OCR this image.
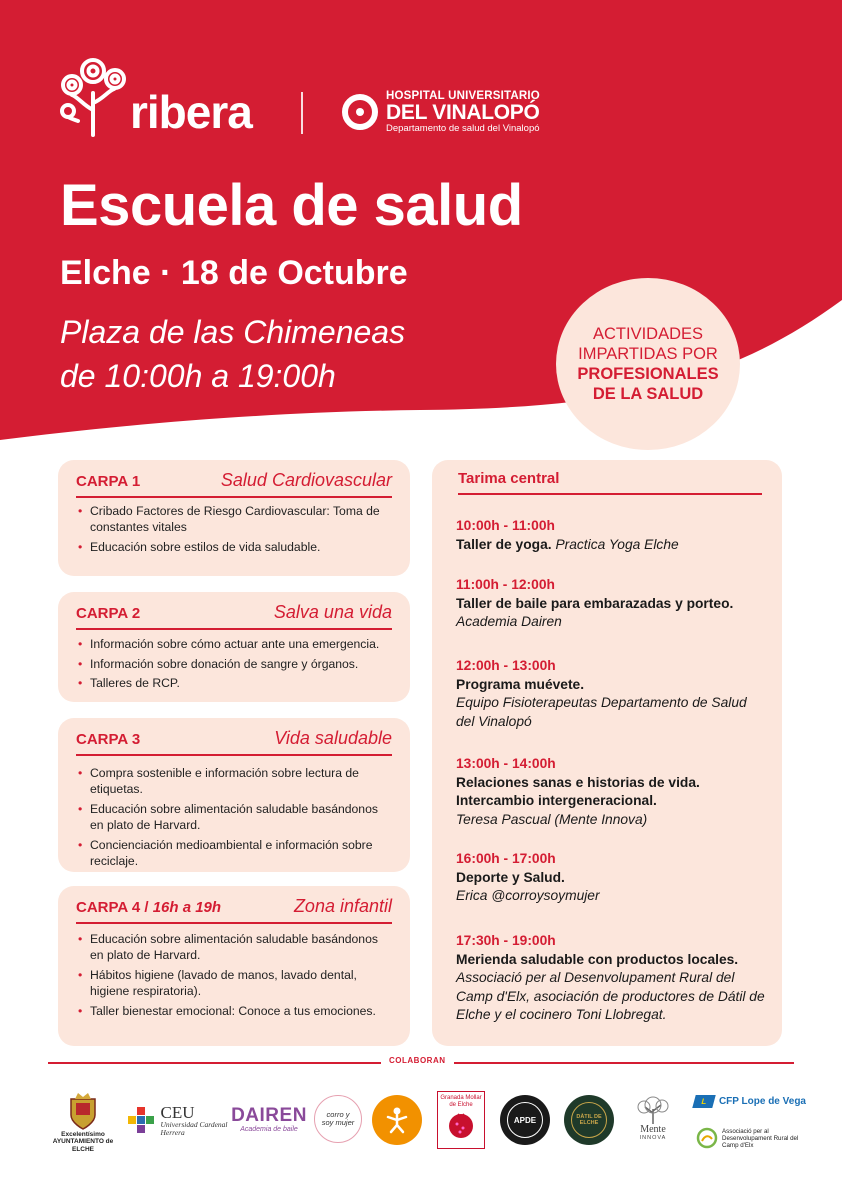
ribera	HOSPITAL UNIVERSITARIO
DEL VINALOPÓ
Departamento de salud del Vinalopó
Escuela de salud
Elche · 18 de Octubre
Plaza de las Chimeneas
de 10:00h a 19:00h
ACTIVIDADES
IMPARTIDAS POR
PROFESIONALES
DE LA SALUD
CARPA 1	Salud Cardiovascular
• Cribado Factores de Riesgo Cardiovascular: Toma de constantes vitales
• Educación sobre estilos de vida saludable.
CARPA 2	Salva una vida
• Información sobre cómo actuar ante una emergencia.
• Información sobre donación de sangre y órganos.
• Talleres de RCP.
CARPA 3	Vida saludable
• Compra sostenible e información sobre lectura de etiquetas.
• Educación sobre alimentación saludable basándonos en plato de Harvard.
• Concienciación medioambiental e información sobre reciclaje.
CARPA 4 / 16h a 19h	Zona infantil
• Educación sobre alimentación saludable basándonos en plato de Harvard.
• Hábitos higiene (lavado de manos, lavado dental, higiene respiratoria).
• Taller bienestar emocional: Conoce a tus emociones.
Tarima central
10:00h - 11:00h
Taller de yoga. Practica Yoga Elche
11:00h - 12:00h
Taller de baile para embarazadas y porteo. Academia Dairen
12:00h - 13:00h
Programa muévete.
Equipo Fisioterapeutas Departamento de Salud del Vinalopó
13:00h - 14:00h
Relaciones sanas e historias de vida. Intercambio intergeneracional.
Teresa Pascual (Mente Innova)
16:00h - 17:00h
Deporte y Salud.
Erica @corroysoymujer
17:30h - 19:00h
Merienda saludable con productos locales.
Associació per al Desenvolupament Rural del Camp d'Elx, asociación de productores de Dátil de Elche y el cocinero Toni Llobregat.
COLABORAN
Excelentísimo AYUNTAMIENTO de ELCHE
CEU
Universidad Cardenal Herrera
DAIREN
Academia de baile
corro y soy mujer
Granada Mollar de Elche
APDE	DÀTIL DE ELCHE
Mente
INNOVA
L	CFP Lope de Vega
Associació per al Desenvolupament Rural del Camp d'Elx
